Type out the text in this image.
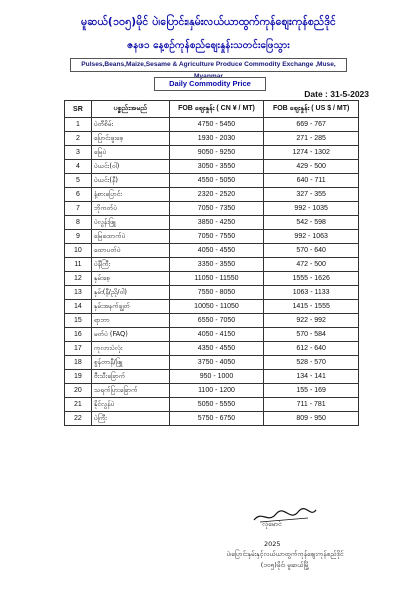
မူဆယ်(၁၀၅)မိုင် ပဲ၊ပြောင်း၊နှမ်းလယ်ယာထွက်ကုန်စျေးကုန်စည်ဒိုင်
ဇနဖ၁ နေ့စဉ်ကုန်စည်ဈေးနှုန်းသတင်းဖြေသွား
Pulses,Beans,Maize,Sesame & Agriculture Produce Commodity Exchange ,Muse, Myanmar
Daily Commodity Price
Date : 31-5-2023
SR	ပစ္စည်းအမည်	FOB စျေးနှုန်း ( CN ¥ / MT)	FOB စျေးနှုန်း ( US $ / MT)
1	ပဲတီစိမ်း	4750 - 5450	669 - 767
2	ပြောင်းဖူးစေ့	1930 - 2030	271 - 285
3	မြေပဲ	9050 - 9250	1274 - 1302
4	ပဲယင်း(ဝါ)	3050 - 3550	429 - 500
5	ပဲယင်း(နီ)	4550 - 5050	640 - 711
6	နံ့စားပြောင်း	2320 - 2520	327 - 355
7	ဘိုကတ်ပဲ	7050 - 7350	992 - 1035
8	ပဲလွန်းဖြူ	3850 - 4250	542 - 598
9	မြေထောက်ပဲ	7050 - 7550	992 - 1063
10	ထောပတ်ပဲ	4050 - 4550	570 - 640
11	ပဲနီကြီး	3350 - 3550	472 - 500
12	နှမ်းစေ့	11050 - 11550	1555 - 1626
13	နှမ်း(နီ/ညို/ဝါ)	7550 - 8050	1063 - 1133
14	နှမ်းအနက်ချွတ်	10050 - 11050	1415 - 1555
15	ရာဘာ	6550 - 7050	922 - 992
16	မတ်ပဲ (FAQ)	4050 - 4150	570 - 584
17	ကုလားပဲလုံး	4350 - 4550	612 - 640
18	စွန်တာနီ/ဖြူ	3750 - 4050	528 - 570
19	ဗီးသီးခြောက်	950 - 1000	134 - 141
20	သရက်ပြားခြောက်	1100 - 1200	155 - 169
21	နိုင်လွန်ပဲ	5050 - 5550	711 - 781
22	ပဲကြီး	5750 - 6750	809 - 950
လုံမောင်
2025
ပဲ၊ပြောင်းနှမ်းနှင့်လယ်ယာထွက်ကုန်စျေးကုန်စည်ဒိုင်
(၁၀၅)မိုင်၊ မူဆယ်မြို့
